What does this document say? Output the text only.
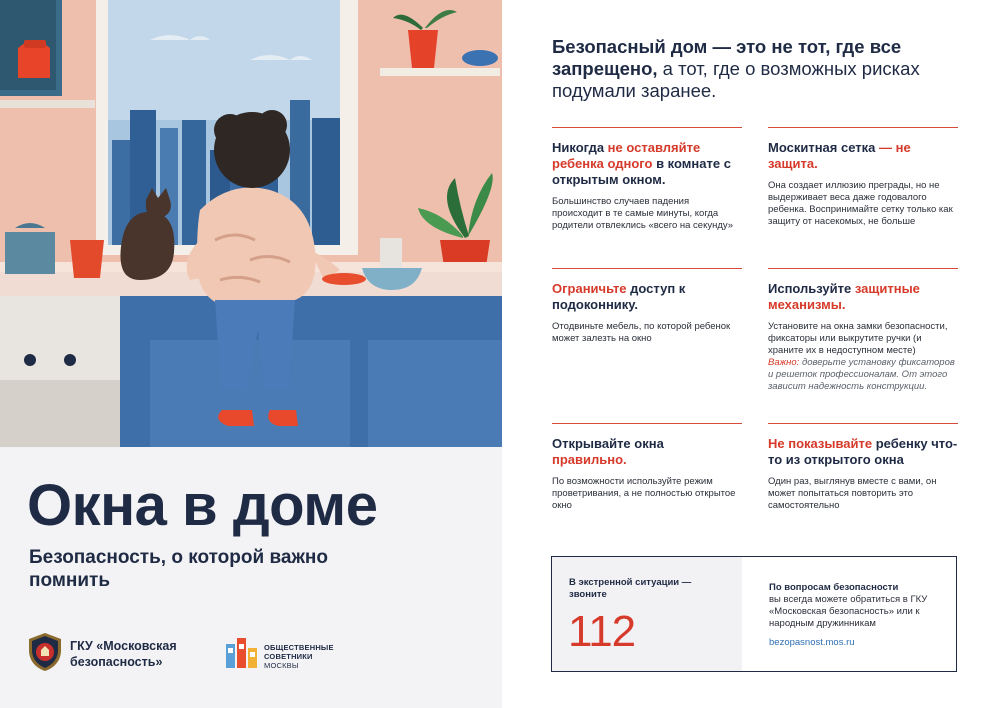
Окна в доме

Безопасность, о которой важно помнить

ГКУ «Московская безопасность»
ОБЩЕСТВЕННЫЕ СОВЕТНИКИ
МОСКВЫ

Безопасный дом — это не тот, где все запрещено, а тот, где о возможных рисках подумали заранее.

Никогда не оставляйте ребенка одного в комнате с открытым окном.

Большинство случаев падения происходит в те самые минуты, когда родители отвлеклись «всего на секунду»

Москитная сетка — не защита.

Она создает иллюзию преграды, но не выдерживает веса даже годовалого ребенка. Воспринимайте сетку только как защиту от насекомых, не больше

Ограничьте доступ к подоконнику.

Отодвиньте мебель, по которой ребенок может залезть на окно

Используйте защитные механизмы.

Установите на окна замки безопасности, фиксаторы или выкрутите ручки (и храните их в недоступном месте)

Важно: доверьте установку фиксаторов и решеток профессионалам. От этого зависит надежность конструкции.

Открывайте окна правильно.

По возможности используйте режим проветривания, а не полностью открытое окно

Не показывайте ребенку что-то из открытого окна

Один раз, выглянув вместе с вами, он может попытаться повторить это самостоятельно

В экстренной ситуации — звоните
112
По вопросам безопасности
вы всегда можете обратиться в ГКУ «Московская безопасность» или к народным дружинникам
bezopasnost.mos.ru
